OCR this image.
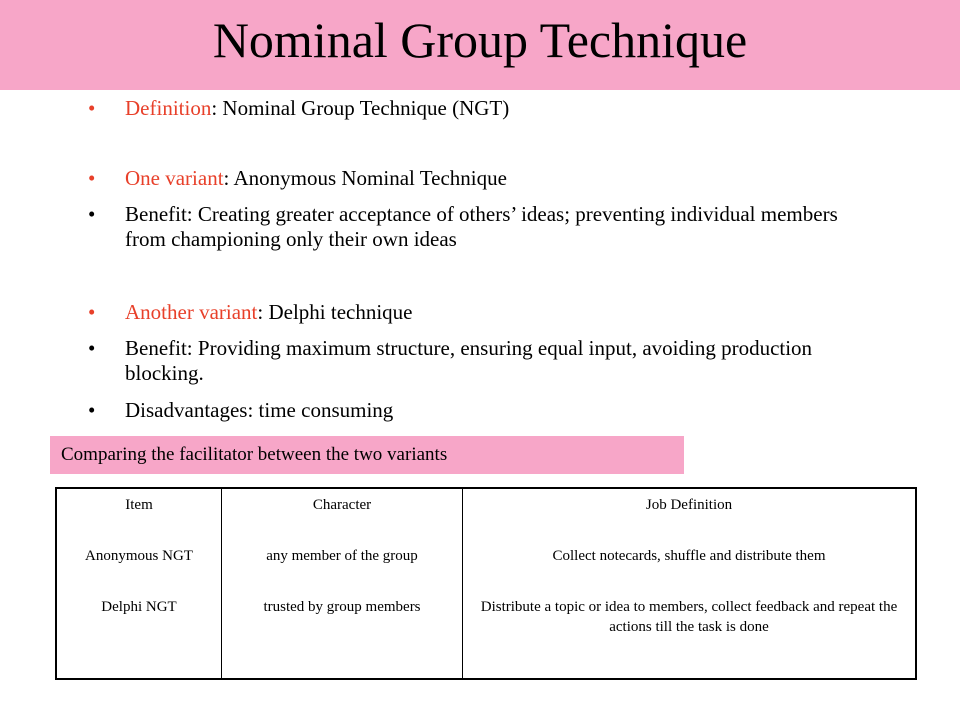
Nominal Group Technique
•	Definition: Nominal Group Technique (NGT)
•	One variant: Anonymous Nominal Technique
•	Benefit: Creating greater acceptance of others’ ideas; preventing individual members from championing only their own ideas
•	Another variant: Delphi technique
•	Benefit: Providing maximum structure, ensuring equal input, avoiding production blocking.
•	Disadvantages: time consuming
Comparing the facilitator between the two variants
Item	Character	Job Definition
Anonymous NGT	any member of the group	Collect notecards, shuffle and distribute them
Delphi NGT	trusted by group members	Distribute a topic or idea to members, collect feedback and repeat the actions till the task is done
